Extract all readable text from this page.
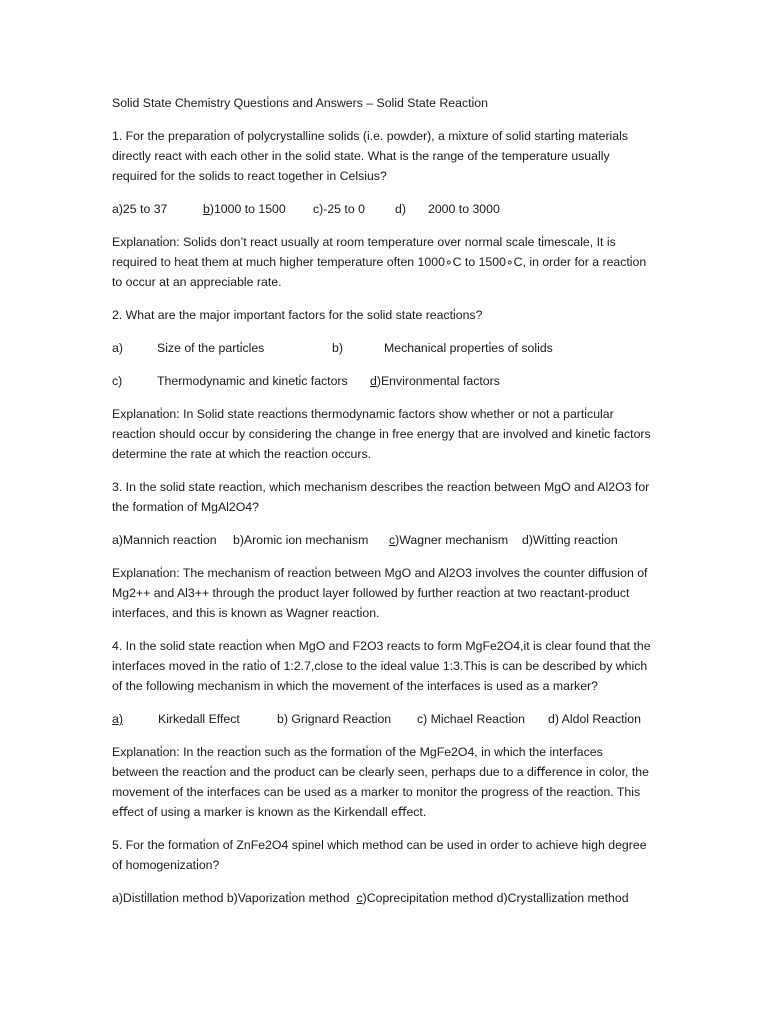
Solid State Chemistry Questi̇ons and Answers – Solid State Reacti̇on

1. For the preparati̇on of polycrystalline solids (i.e. powder), a mixture of solid starti̇ng materials directly react with each other in the solid state. What is the range of the temperature usually required for the solids to react together in Celsius?

a)25 to 37	b)1000 to 1500	c)-25 to 0	d)	2000 to 3000

Explanati̇on: Solids don’t react usually at room temperature over normal scale ti̇mescale, It is required to heat them at much higher temperature often 1000∘C to 1500∘C, in order for a reacti̇on to occur at an appreciable rate.

2. What are the major important factors for the solid state reacti̇ons?

a)	Size of the parti̇cles	b)	Mechanical properti̇es of solids
c)	Thermodynamic and kineti̇c factors	d)Environmental factors

Explanati̇on: In Solid state reacti̇ons thermodynamic factors show whether or not a parti̇cular reacti̇on should occur by considering the change in free energy that are involved and kineti̇c factors determine the rate at which the reacti̇on occurs.

3. In the solid state reacti̇on, which mechanism describes the reacti̇on between MgO and Al2O3 for the formati̇on of MgAl2O4?

a)Mannich reacti̇on	b)Aromic ion mechanism	c)Wagner mechanism	d)Witti̇ng reacti̇on

Explanati̇on: The mechanism of reacti̇on between MgO and Al2O3 involves the counter diffusion of Mg2++ and Al3++ through the product layer followed by further reacti̇on at two reactant-product interfaces, and this is known as Wagner reacti̇on.

4. In the solid state reacti̇on when MgO and F2O3 reacts to form MgFe2O4,it is clear found that the interfaces moved in the rati̇o of 1:2.7,close to the ideal value 1:3.This is can be described by which of the following mechanism in which the movement of the interfaces is used as a marker?

a)	Kirkedall Effect	b) Grignard Reacti̇on	c) Michael Reacti̇on	d) Aldol Reacti̇on

Explanati̇on: In the reacti̇on such as the formati̇on of the MgFe2O4, in which the interfaces between the reacti̇on and the product can be clearly seen, perhaps due to a diﬀerence in color, the movement of the interfaces can be used as a marker to monitor the progress of the reacti̇on. This eﬀect of using a marker is known as the Kirkendall eﬀect.

5. For the formati̇on of ZnFe2O4 spinel which method can be used in order to achieve high degree of homogenizati̇on?

a)Disti̇llati̇on method b)Vaporizati̇on method c)Coprecipitati̇on method d)Crystallizati̇on method
